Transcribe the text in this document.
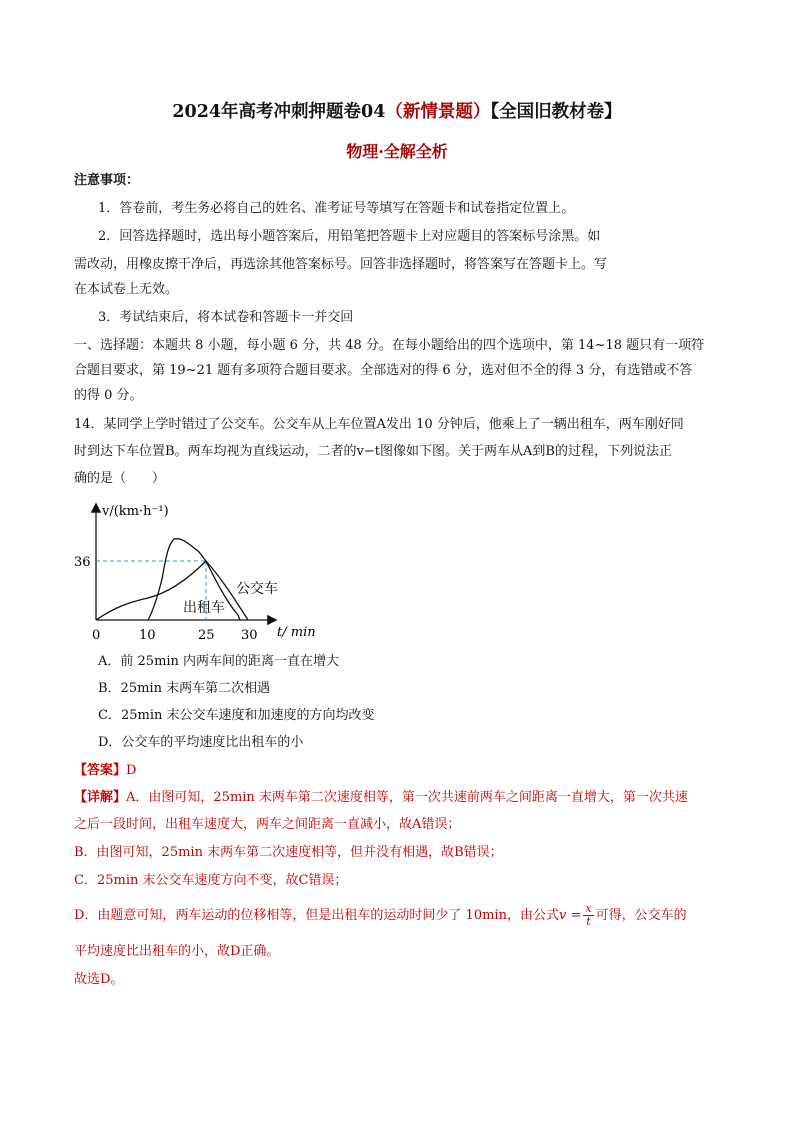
2024年高考冲刺押题卷04（新情景题）【全国旧教材卷】
物理·全解全析
注意事项：
1．答卷前，考生务必将自己的姓名、准考证号等填写在答题卡和试卷指定位置上。
2．回答选择题时，选出每小题答案后，用铅笔把答题卡上对应题目的答案标号涂黑。如
需改动，用橡皮擦干净后，再选涂其他答案标号。回答非选择题时，将答案写在答题卡上。写
在本试卷上无效。
3．考试结束后，将本试卷和答题卡一并交回
一、选择题：本题共 8 小题，每小题 6 分，共 48 分。在每小题给出的四个选项中，第 14~18 题只有一项符
合题目要求，第 19~21 题有多项符合题目要求。全部选对的得 6 分，选对但不全的得 3 分，有选错或不答
的得 0 分。
14．某同学上学时错过了公交车。公交车从上车位置A发出 10 分钟后，他乘上了一辆出租车，两车刚好同
时到达下车位置B。两车均视为直线运动，二者的v−t图像如下图。关于两车从A到B的过程，下列说法正
确的是（　　）
v/(km·h⁻¹)
t/ min
0	10	25 30
36
公交车
出租车
A．前 25min 内两车间的距离一直在增大
B．25min 末两车第二次相遇
C．25min 末公交车速度和加速度的方向均改变
D．公交车的平均速度比出租车的小
【答案】D
【详解】A．由图可知，25min 末两车第二次速度相等，第一次共速前两车之间距离一直增大，第一次共速
之后一段时间，出租车速度大，两车之间距离一直减小，故A错误；
B．由图可知，25min 末两车第二次速度相等，但并没有相遇，故B错误；
C．25min 末公交车速度方向不变，故C错误；
D．由题意可知，两车运动的位移相等，但是出租车的运动时间少了 10min，由公式$v = \frac{x}{t}$ 可得，公交车的
平均速度比出租车的小，故D正确。
故选D。
